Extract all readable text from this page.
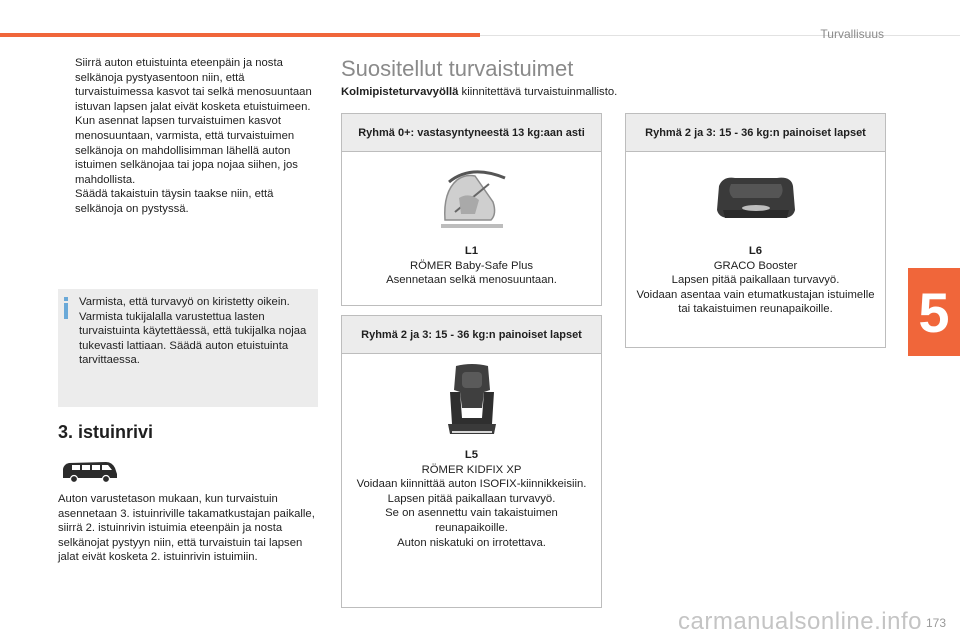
Turvallisuus
5

Siirrä auton etuistuinta eteenpäin ja nosta selkänoja pystyasentoon niin, että turvaistuimessa kasvot tai selkä menosuuntaan istuvan lapsen jalat eivät kosketa etuistuimeen.

Kun asennat lapsen turvaistuimen kasvot menosuuntaan, varmista, että turvaistuimen selkänoja on mahdollisimman lähellä auton istuimen selkänojaa tai jopa nojaa siihen, jos mahdollista.

Säädä takaistuin täysin taakse niin, että selkänoja on pystyssä.

Varmista, että turvavyö on kiristetty oikein. Varmista tukijalalla varustettua lasten turvaistuinta käytettäessä, että tukijalka nojaa tukevasti lattiaan. Säädä auton etuistuinta tarvittaessa.
3. istuinrivi
Auton varustetason mukaan, kun turvaistuin asennetaan 3. istuinriville takamatkustajan paikalle, siirrä 2. istuinrivin istuimia eteenpäin ja nosta selkänojat pystyyn niin, että turvaistuin tai lapsen jalat eivät kosketa 2. istuinrivin istuimiin.
Suositellut turvaistuimet
Kolmipisteturvavyöllä kiinnitettävä turvaistuinmallisto.
Ryhmä 0+: vastasyntyneestä 13 kg:aan asti
L1
RÖMER Baby-Safe Plus
Asennetaan selkä menosuuntaan.
Ryhmä 2 ja 3: 15 - 36 kg:n painoiset lapset
L5
RÖMER KIDFIX XP
Voidaan kiinnittää auton ISOFIX-kiinnikkeisiin.
Lapsen pitää paikallaan turvavyö.
Se on asennettu vain takaistuimen reunapaikoille.
Auton niskatuki on irrotettava.
Ryhmä 2 ja 3: 15 - 36 kg:n painoiset lapset
L6
GRACO Booster
Lapsen pitää paikallaan turvavyö.
Voidaan asentaa vain etumatkustajan istuimelle tai takaistuimen reunapaikoille.
carmanualsonline.info 173
